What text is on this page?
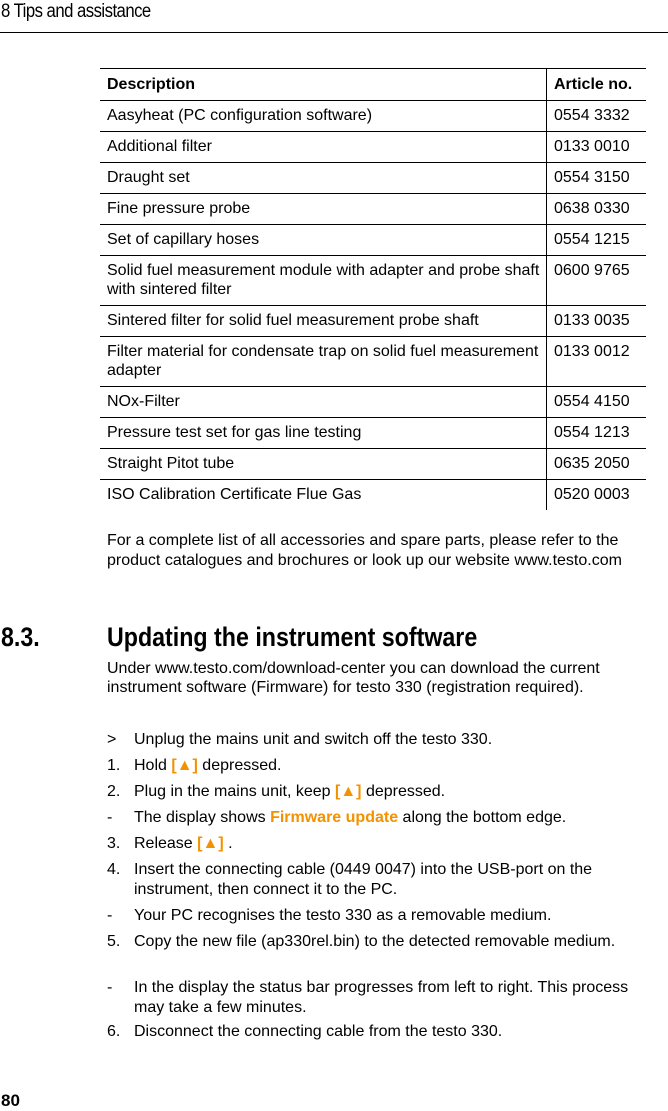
8 Tips and assistance
Description	Article no.
Aasyheat (PC configuration software)	0554 3332
Additional filter	0133 0010
Draught set	0554 3150
Fine pressure probe	0638 0330
Set of capillary hoses	0554 1215
Solid fuel measurement module with adapter and probe shaft with sintered filter	0600 9765
Sintered filter for solid fuel measurement probe shaft	0133 0035
Filter material for condensate trap on solid fuel measurement adapter	0133 0012
NOx-Filter	0554 4150
Pressure test set for gas line testing	0554 1213
Straight Pitot tube	0635 2050
ISO Calibration Certificate Flue Gas	0520 0003
For a complete list of all accessories and spare parts, please refer to the product catalogues and brochures or look up our website www.testo.com
8.3. Updating the instrument software
Under www.testo.com/download-center you can download the current instrument software (Firmware) for testo 330 (registration required).
> Unplug the mains unit and switch off the testo 330.
1. Hold [▲] depressed.
2. Plug in the mains unit, keep [▲] depressed.
- The display shows Firmware update along the bottom edge.
3. Release [▲] .
4. Insert the connecting cable (0449 0047) into the USB-port on the instrument, then connect it to the PC.
- Your PC recognises the testo 330 as a removable medium.
5. Copy the new file (ap330rel.bin) to the detected removable medium.
- In the display the status bar progresses from left to right. This process may take a few minutes.
6. Disconnect the connecting cable from the testo 330.
80
